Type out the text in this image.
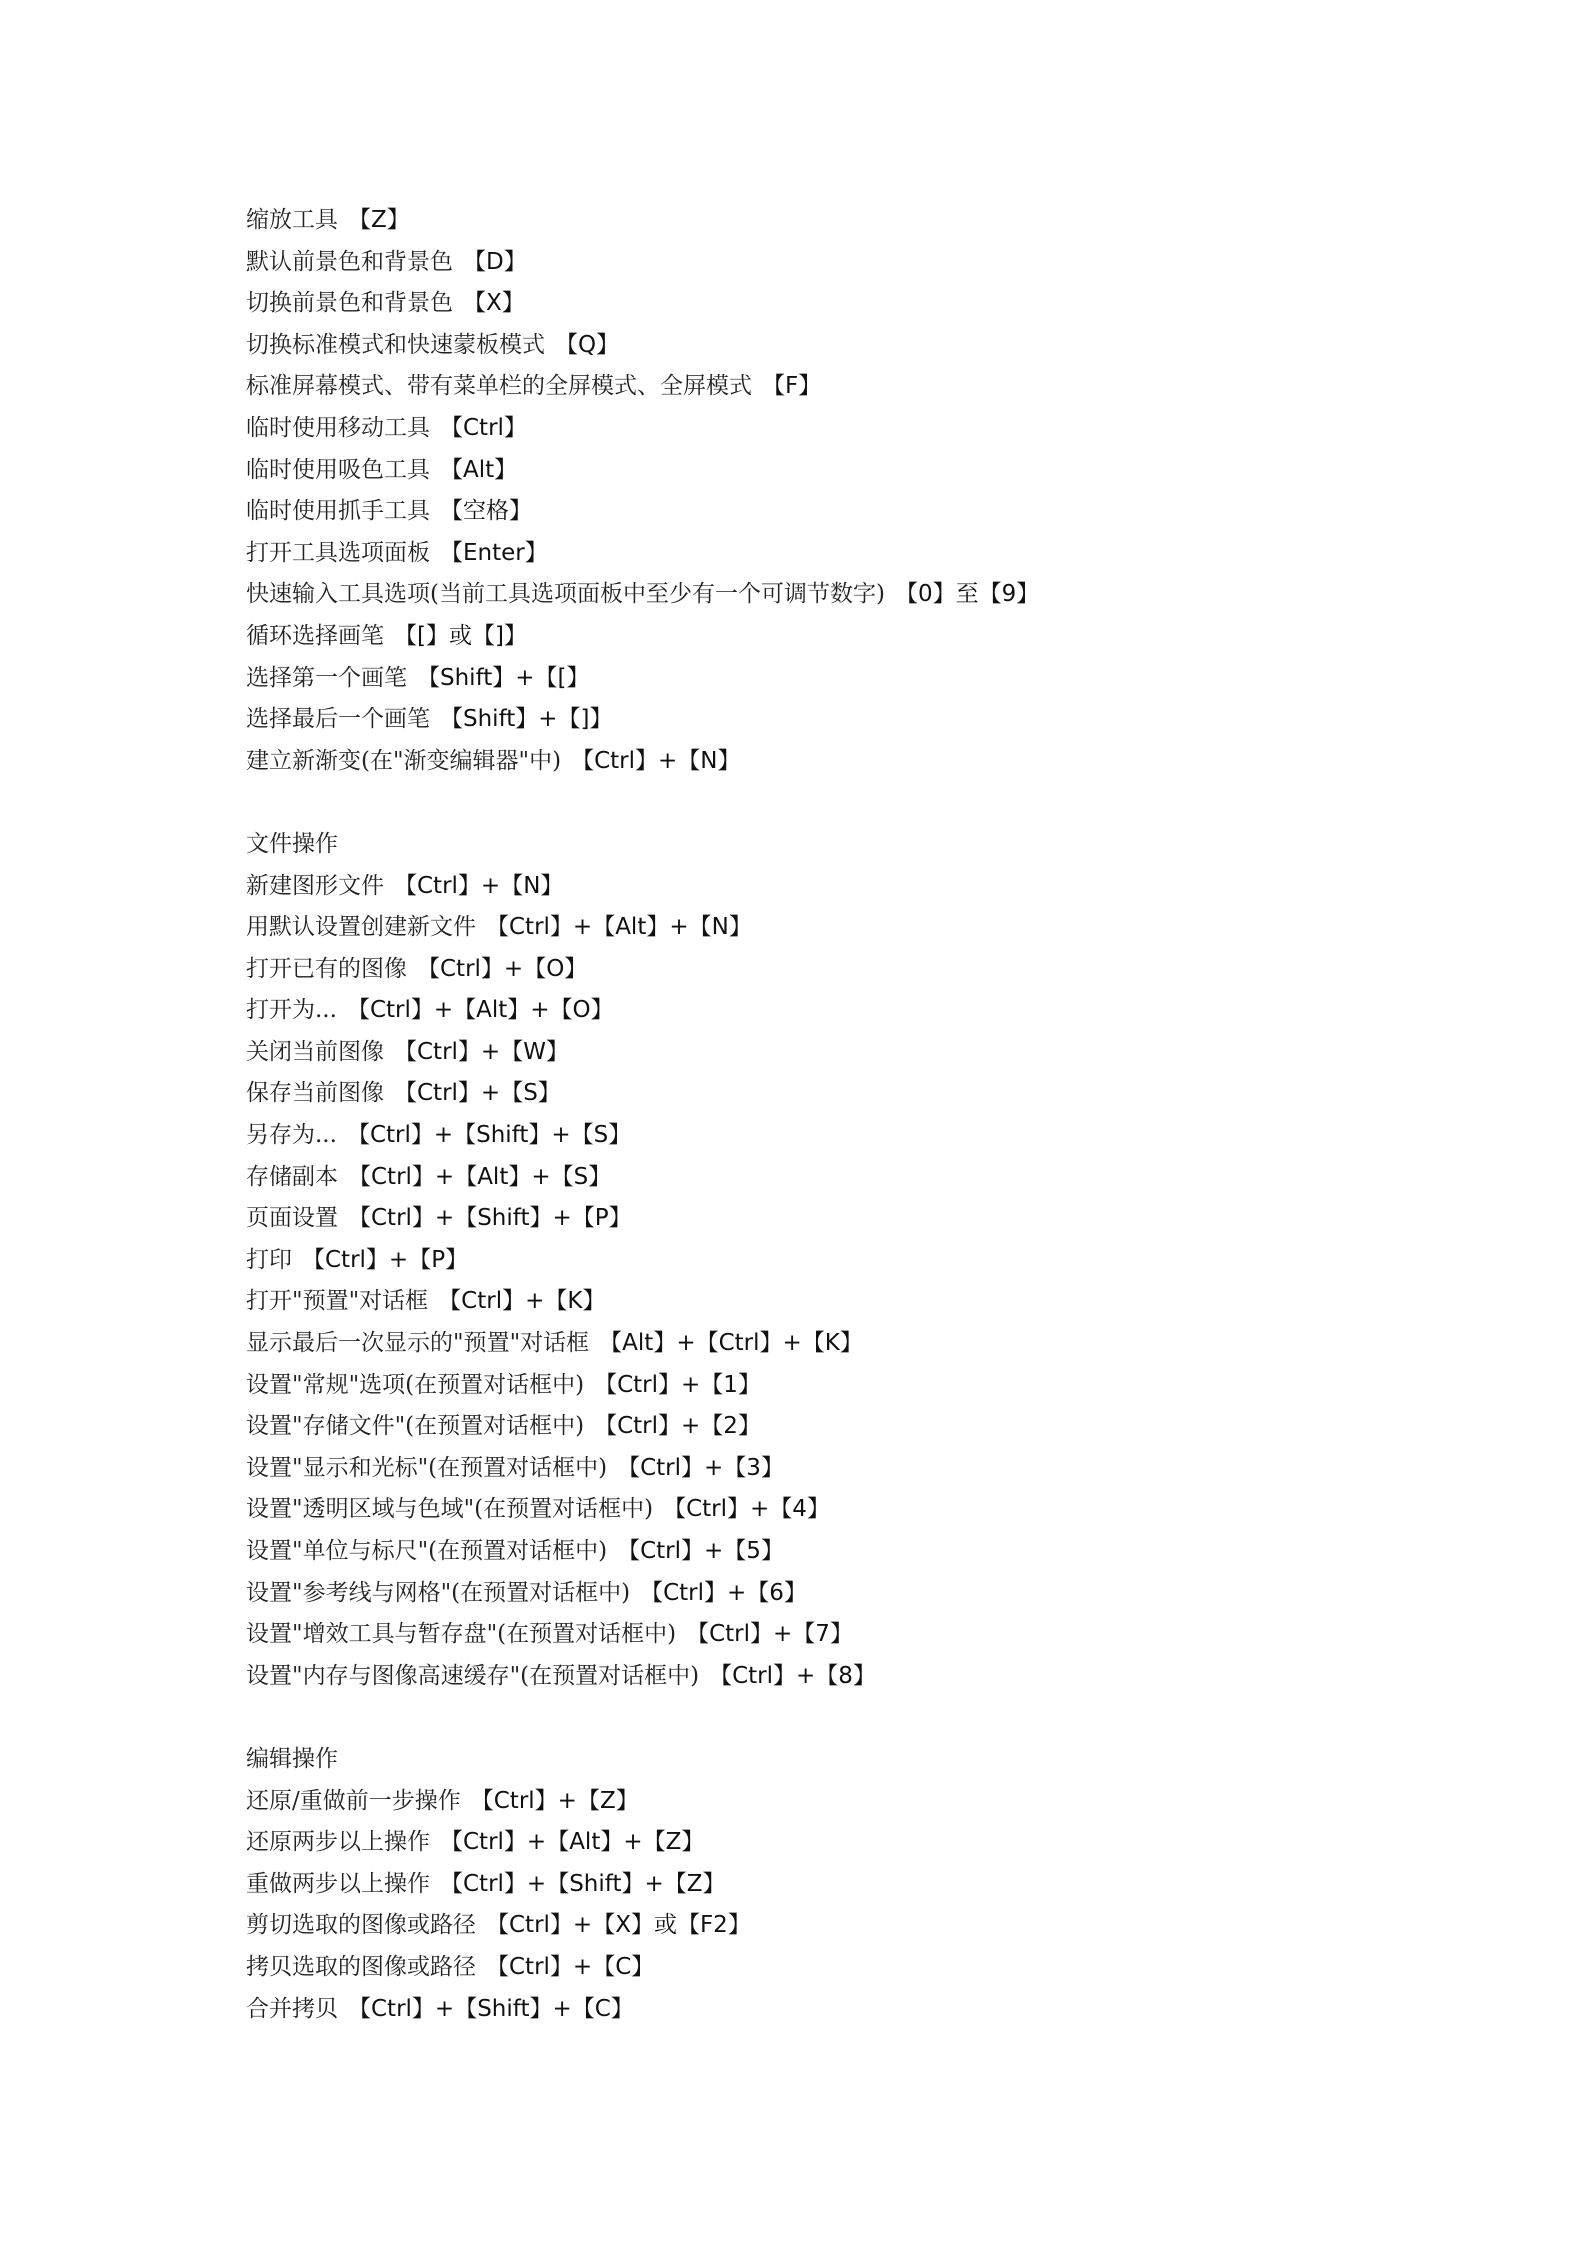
缩放工具 【Z】
默认前景色和背景色 【D】
切换前景色和背景色 【X】
切换标准模式和快速蒙板模式 【Q】
标准屏幕模式、带有菜单栏的全屏模式、全屏模式 【F】
临时使用移动工具 【Ctrl】
临时使用吸色工具 【Alt】
临时使用抓手工具 【空格】
打开工具选项面板 【Enter】
快速输入工具选项(当前工具选项面板中至少有一个可调节数字) 【0】至【9】
循环选择画笔 【[】或【]】
选择第一个画笔 【Shift】+【[】
选择最后一个画笔 【Shift】+【]】
建立新渐变(在"渐变编辑器"中) 【Ctrl】+【N】
文件操作
新建图形文件 【Ctrl】+【N】
用默认设置创建新文件 【Ctrl】+【Alt】+【N】
打开已有的图像 【Ctrl】+【O】
打开为... 【Ctrl】+【Alt】+【O】
关闭当前图像 【Ctrl】+【W】
保存当前图像 【Ctrl】+【S】
另存为... 【Ctrl】+【Shift】+【S】
存储副本 【Ctrl】+【Alt】+【S】
页面设置 【Ctrl】+【Shift】+【P】
打印 【Ctrl】+【P】
打开"预置"对话框 【Ctrl】+【K】
显示最后一次显示的"预置"对话框 【Alt】+【Ctrl】+【K】
设置"常规"选项(在预置对话框中) 【Ctrl】+【1】
设置"存储文件"(在预置对话框中) 【Ctrl】+【2】
设置"显示和光标"(在预置对话框中) 【Ctrl】+【3】
设置"透明区域与色域"(在预置对话框中) 【Ctrl】+【4】
设置"单位与标尺"(在预置对话框中) 【Ctrl】+【5】
设置"参考线与网格"(在预置对话框中) 【Ctrl】+【6】
设置"增效工具与暂存盘"(在预置对话框中) 【Ctrl】+【7】
设置"内存与图像高速缓存"(在预置对话框中) 【Ctrl】+【8】
编辑操作
还原/重做前一步操作 【Ctrl】+【Z】
还原两步以上操作 【Ctrl】+【Alt】+【Z】
重做两步以上操作 【Ctrl】+【Shift】+【Z】
剪切选取的图像或路径 【Ctrl】+【X】或【F2】
拷贝选取的图像或路径 【Ctrl】+【C】
合并拷贝 【Ctrl】+【Shift】+【C】
